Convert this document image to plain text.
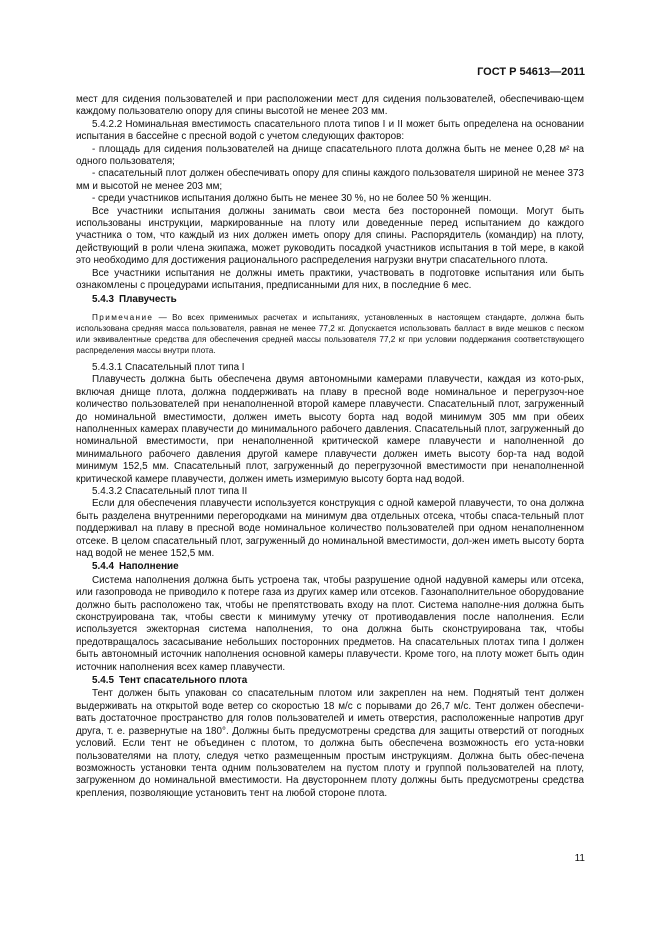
ГОСТ Р 54613—2011

мест для сидения пользователей и при расположении мест для сидения пользователей, обеспечиваю-щем каждому пользователю опору для спины высотой не менее 203 мм.

5.4.2.2 Номинальная вместимость спасательного плота типов I и II может быть определена на основании испытания в бассейне с пресной водой с учетом следующих факторов:

- площадь для сидения пользователей на днище спасательного плота должна быть не менее 0,28 м² на одного пользователя;

- спасательный плот должен обеспечивать опору для спины каждого пользователя шириной не менее 373 мм и высотой не менее 203 мм;

- среди участников испытания должно быть не менее 30 %, но не более 50 % женщин.

Все участники испытания должны занимать свои места без посторонней помощи. Могут быть использованы инструкции, маркированные на плоту или доведенные перед испытанием до каждого участника о том, что каждый из них должен иметь опору для спины. Распорядитель (командир) на плоту, действующий в роли члена экипажа, может руководить посадкой участников испытания в той мере, в какой это необходимо для достижения рационального распределения нагрузки внутри спасательного плота.

Все участники испытания не должны иметь практики, участвовать в подготовке испытания или быть ознакомлены с процедурами испытания, предписанными для них, в последние 6 мес.

5.4.3 Плавучесть

Примечание — Во всех применимых расчетах и испытаниях, установленных в настоящем стандарте, должна быть использована средняя масса пользователя, равная не менее 77,2 кг. Допускается использовать балласт в виде мешков с песком или эквивалентные средства для обеспечения средней массы пользователя 77,2 кг при условии поддержания соответствующего распределения массы внутри плота.

5.4.3.1 Спасательный плот типа I

Плавучесть должна быть обеспечена двумя автономными камерами плавучести, каждая из кото-рых, включая днище плота, должна поддерживать на плаву в пресной воде номинальное и перегрузоч-ное количество пользователей при ненаполненной второй камере плавучести. Спасательный плот, загруженный до номинальной вместимости, должен иметь высоту борта над водой минимум 305 мм при обеих наполненных камерах плавучести до минимального рабочего давления. Спасательный плот, загруженный до номинальной вместимости, при ненаполненной критической камере плавучести и наполненной до минимального рабочего давления другой камере плавучести должен иметь высоту бор-та над водой минимум 152,5 мм. Спасательный плот, загруженный до перегрузочной вместимости при ненаполненной критической камере плавучести, должен иметь измеримую высоту борта над водой.

5.4.3.2 Спасательный плот типа II

Если для обеспечения плавучести используется конструкция с одной камерой плавучести, то она должна быть разделена внутренними перегородками на минимум два отдельных отсека, чтобы спаса-тельный плот поддерживал на плаву в пресной воде номинальное количество пользователей при одном ненаполненном отсеке. В целом спасательный плот, загруженный до номинальной вместимости, дол-жен иметь высоту борта над водой не менее 152,5 мм.

5.4.4 Наполнение

Система наполнения должна быть устроена так, чтобы разрушение одной надувной камеры или отсека, или газопровода не приводило к потере газа из других камер или отсеков. Газонаполнительное оборудование должно быть расположено так, чтобы не препятствовать входу на плот. Система наполне-ния должна быть сконструирована так, чтобы свести к минимуму утечку от противодавления после наполнения. Если используется эжекторная система наполнения, то она должна быть сконструирована так, чтобы предотвращалось засасывание небольших посторонних предметов. На спасательных плотах типа I должен быть автономный источник наполнения основной камеры плавучести. Кроме того, на плоту может быть один источник наполнения всех камер плавучести.

5.4.5 Тент спасательного плота

Тент должен быть упакован со спасательным плотом или закреплен на нем. Поднятый тент должен выдерживать на открытой воде ветер со скоростью 18 м/с с порывами до 26,7 м/с. Тент должен обеспечи-вать достаточное пространство для голов пользователей и иметь отверстия, расположенные напротив друг друга, т. е. развернутые на 180°. Должны быть предусмотрены средства для защиты отверстий от погодных условий. Если тент не объединен с плотом, то должна быть обеспечена возможность его уста-новки пользователями на плоту, следуя четко размещенным простым инструкциям. Должна быть обес-печена возможность установки тента одним пользователем на пустом плоту и группой пользователей на плоту, загруженном до номинальной вместимости. На двустороннем плоту должны быть предусмотрены средства крепления, позволяющие установить тент на любой стороне плота.

11
